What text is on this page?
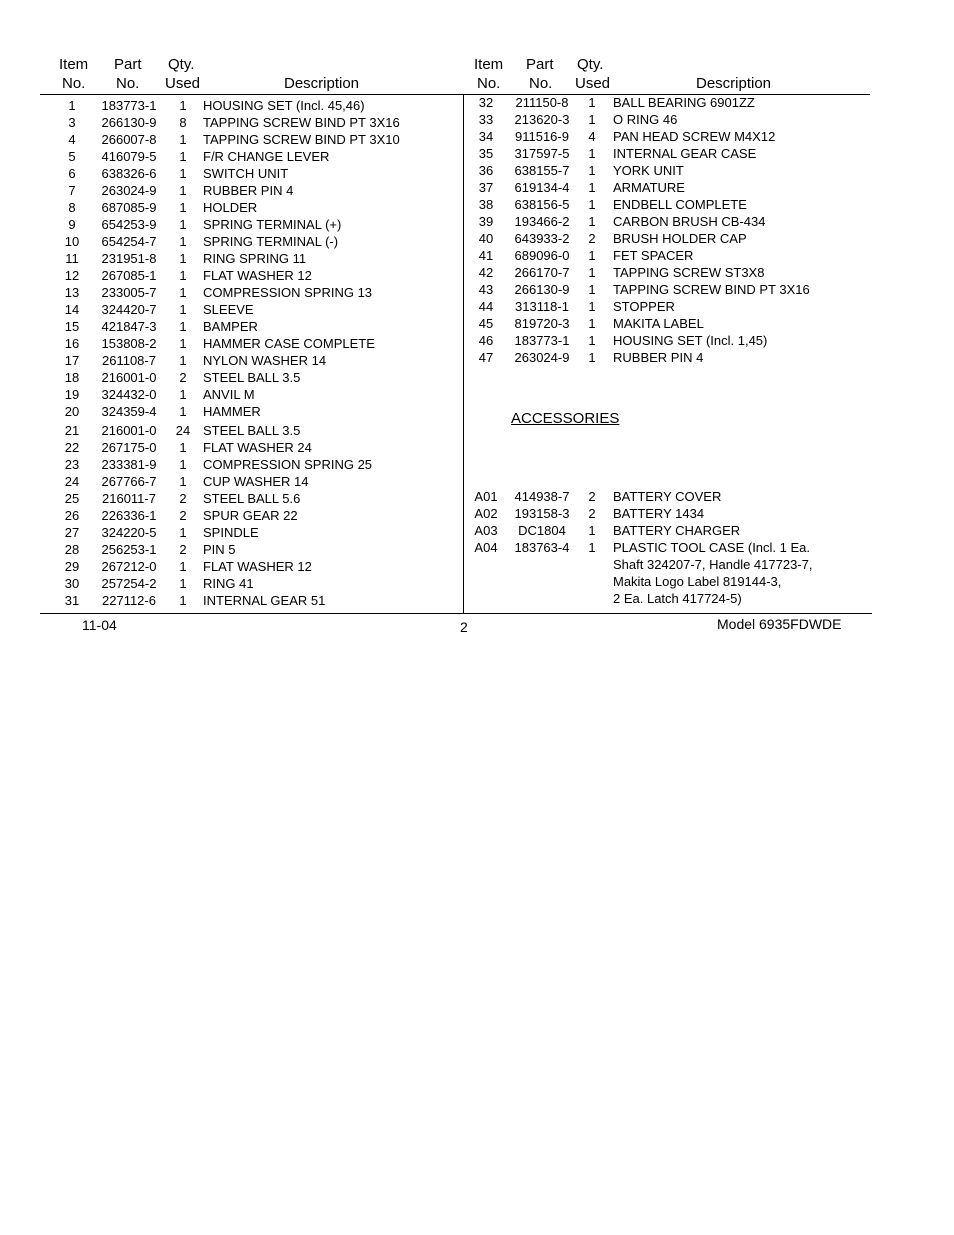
Item
No.
Part
No.
Qty.
Used	Description
Item
No.
Part
No.
Qty.
Used	Description
1	183773-1	1	HOUSING SET (Incl. 45,46)
3	266130-9	8	TAPPING SCREW BIND PT 3X16
4	266007-8	1	TAPPING SCREW BIND PT 3X10
5	416079-5	1	F/R CHANGE LEVER
6	638326-6	1	SWITCH UNIT
7	263024-9	1	RUBBER PIN 4
8	687085-9	1	HOLDER
9	654253-9	1	SPRING TERMINAL (+)
10	654254-7	1	SPRING TERMINAL (-)
11	231951-8	1	RING SPRING 11
12	267085-1	1	FLAT WASHER 12
13	233005-7	1	COMPRESSION SPRING 13
14	324420-7	1	SLEEVE
15	421847-3	1	BAMPER
16	153808-2	1	HAMMER CASE COMPLETE
17	261108-7	1	NYLON WASHER 14
18	216001-0	2	STEEL BALL 3.5
19	324432-0	1	ANVIL M
20	324359-4	1	HAMMER
21	216001-0	24 STEEL BALL 3.5
22	267175-0	1	FLAT WASHER 24
23	233381-9	1	COMPRESSION SPRING 25
24	267766-7	1	CUP WASHER 14
25	216011-7	2	STEEL BALL 5.6
26	226336-1	2	SPUR GEAR 22
27	324220-5	1	SPINDLE
28	256253-1	2	PIN 5
29	267212-0	1	FLAT WASHER 12
30	257254-2	1	RING 41
31	227112-6	1	INTERNAL GEAR 51
32	211150-8	1	BALL BEARING 6901ZZ
33	213620-3	1	O RING 46
34	911516-9	4	PAN HEAD SCREW M4X12
35	317597-5	1	INTERNAL GEAR CASE
36	638155-7	1	YORK UNIT
37	619134-4	1	ARMATURE
38	638156-5	1	ENDBELL COMPLETE
39	193466-2	1	CARBON BRUSH CB-434
40	643933-2	2	BRUSH HOLDER CAP
41	689096-0	1	FET SPACER
42	266170-7	1	TAPPING SCREW ST3X8
43	266130-9	1	TAPPING SCREW BIND PT 3X16
44	313118-1	1	STOPPER
45	819720-3	1	MAKITA LABEL
46	183773-1	1	HOUSING SET (Incl. 1,45)
47	263024-9	1	RUBBER PIN 4
ACCESSORIES
A01	414938-7	2	BATTERY COVER
A02	193158-3	2	BATTERY 1434
A03	DC1804	1	BATTERY CHARGER
A04	183763-4	1	PLASTIC TOOL CASE (Incl. 1 Ea.
Shaft 324207-7, Handle 417723-7,
Makita Logo Label 819144-3,
2 Ea. Latch 417724-5)
11-04	2	Model 6935FDWDE
